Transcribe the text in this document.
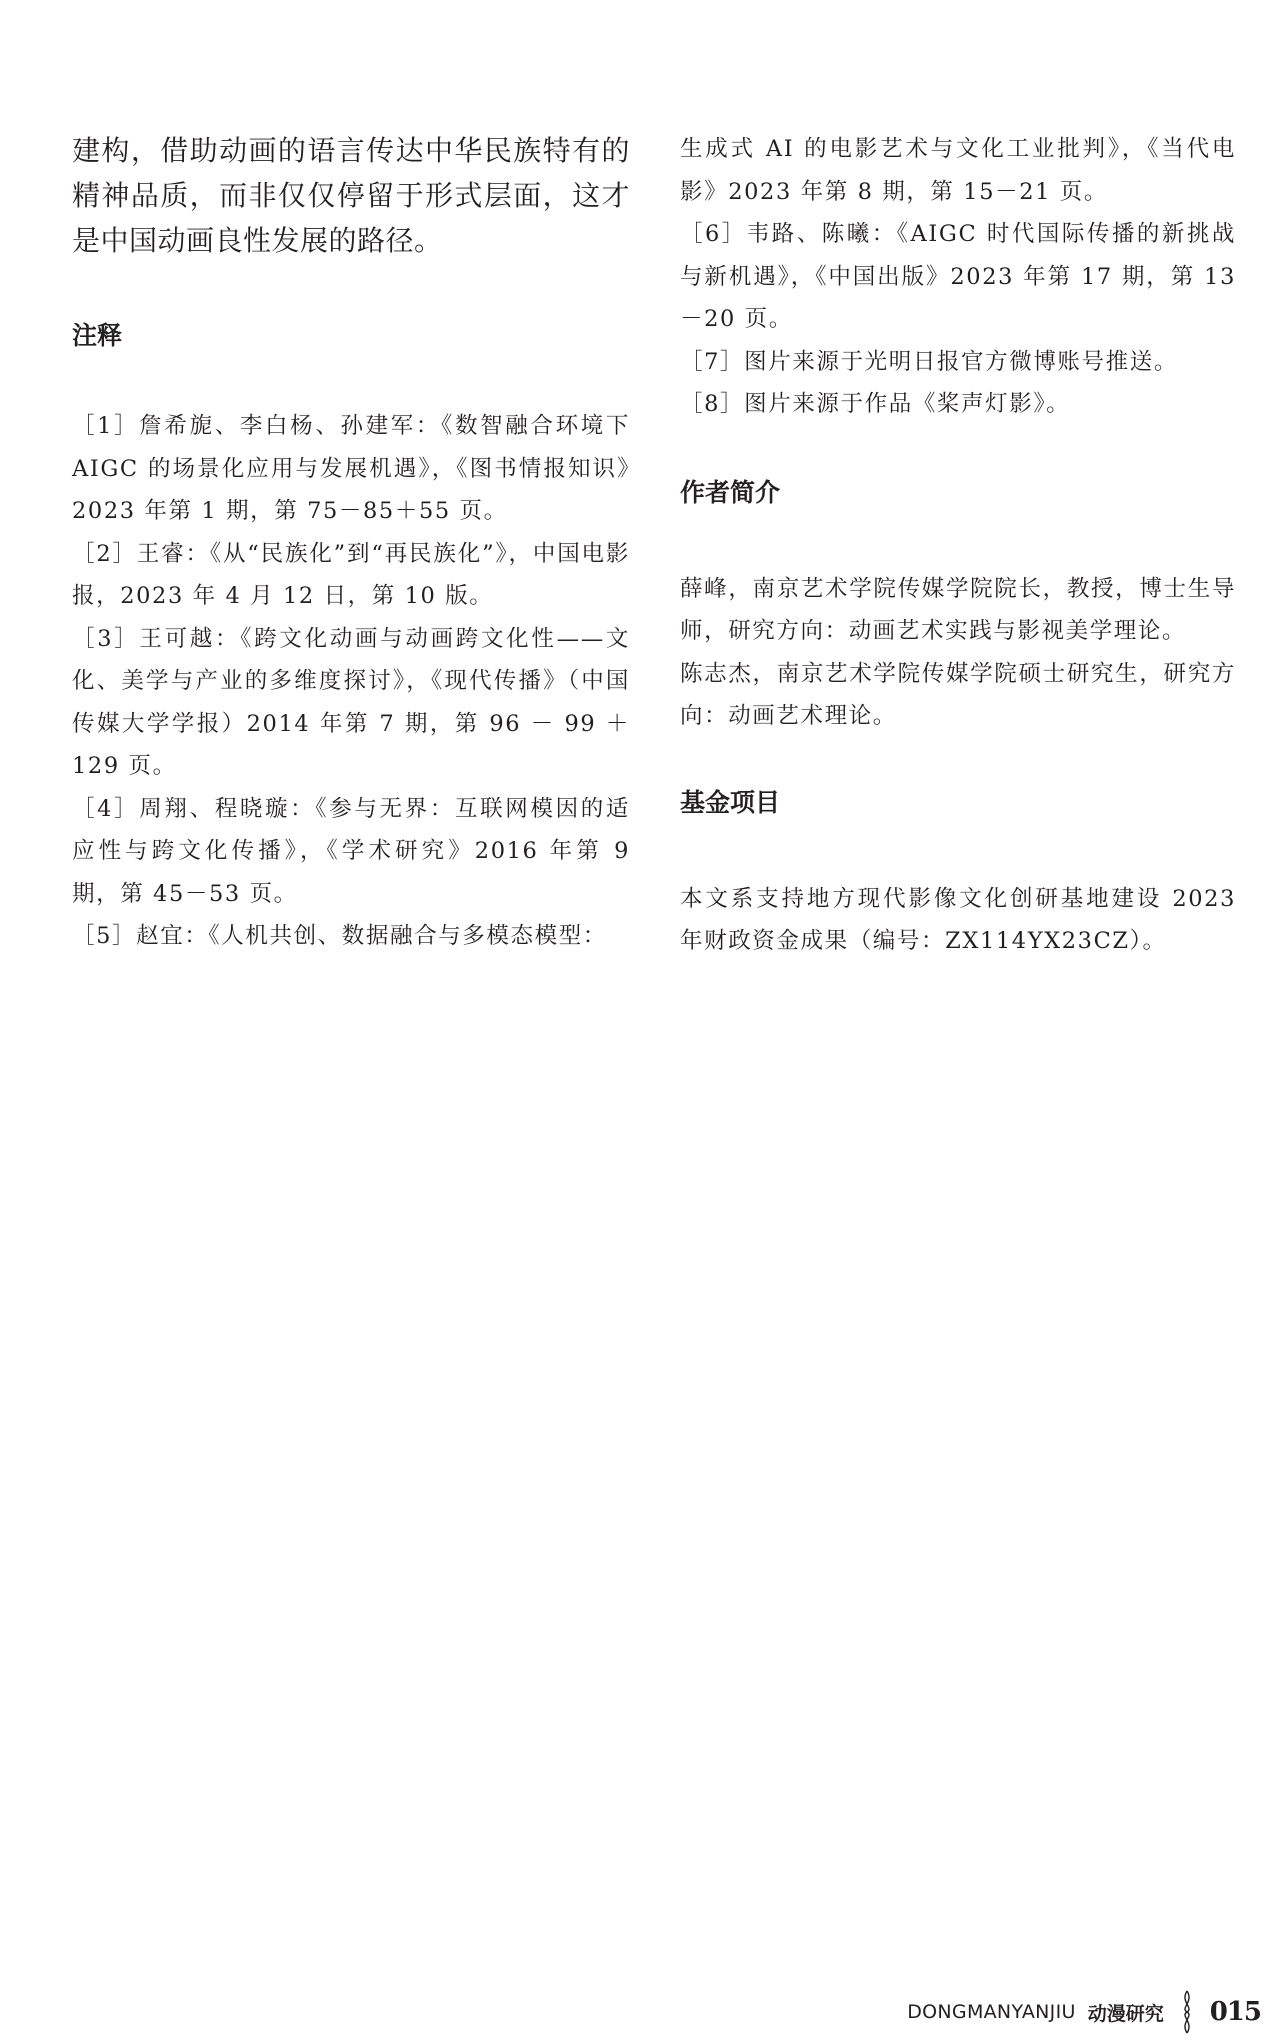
建构，借助动画的语言传达中华民族特有的精神品质，而非仅仅停留于形式层面，这才是中国动画良性发展的路径。

注释

［1］詹希旎、李白杨、孙建军：《数智融合环境下 AIGC 的场景化应用与发展机遇》，《图书情报知识》2023 年第 1 期，第 75－85＋55 页。

［2］王睿：《从“民族化”到“再民族化”》，中国电影报，2023 年 4 月 12 日，第 10 版。

［3］王可越：《跨文化动画与动画跨文化性——文化、美学与产业的多维度探讨》，《现代传播》（中国传媒大学学报）2014 年第 7 期，第 96 － 99 ＋ 129 页。

［4］周翔、程晓璇：《参与无界：互联网模因的适应性与跨文化传播》，《学术研究》2016 年第 9 期，第 45－53 页。

［5］赵宜：《人机共创、数据融合与多模态模型：

生成式 AI 的电影艺术与文化工业批判》，《当代电影》2023 年第 8 期，第 15－21 页。

［6］韦路、陈曦：《AIGC 时代国际传播的新挑战与新机遇》，《中国出版》2023 年第 17 期，第 13－20 页。

［7］图片来源于光明日报官方微博账号推送。

［8］图片来源于作品《桨声灯影》。

作者简介

薛峰，南京艺术学院传媒学院院长，教授，博士生导师，研究方向：动画艺术实践与影视美学理论。

陈志杰，南京艺术学院传媒学院硕士研究生，研究方向：动画艺术理论。

基金项目

本文系支持地方现代影像文化创研基地建设 2023 年财政资金成果（编号：ZX114YX23CZ）。

DONGMANYANJIU 动漫研究 015
